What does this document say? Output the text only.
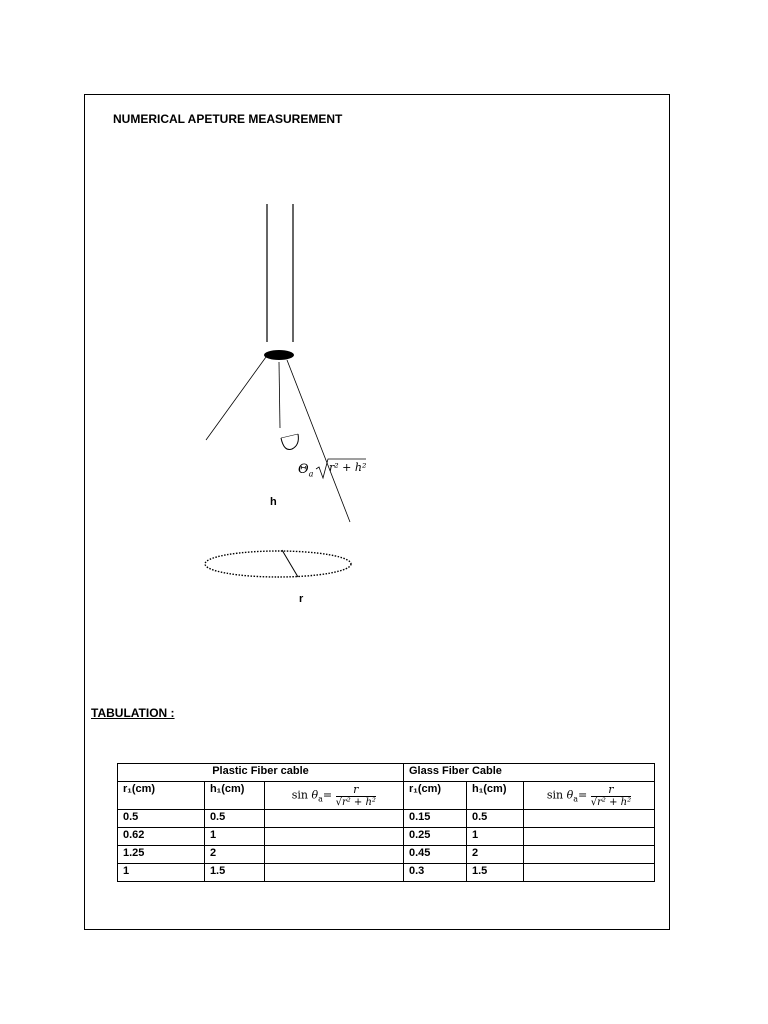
NUMERICAL APETURE MEASUREMENT
$\Theta_a$
r² + h²
h
r
TABULATION :
Plastic Fiber cable			Glass Fiber Cable		
r₁(cm)	h₁(cm)	$\sin \theta_a= \frac{r}{\text{√r² + h²}}$	r₁(cm)	h₁(cm)	$\sin \theta_a= \frac{r}{\text{√r² + h²}}$

0.5	0.5		0.15	0.5	
0.62	1		0.25	1	
1.25	2		0.45	2	
1	1.5		0.3	1.5	
